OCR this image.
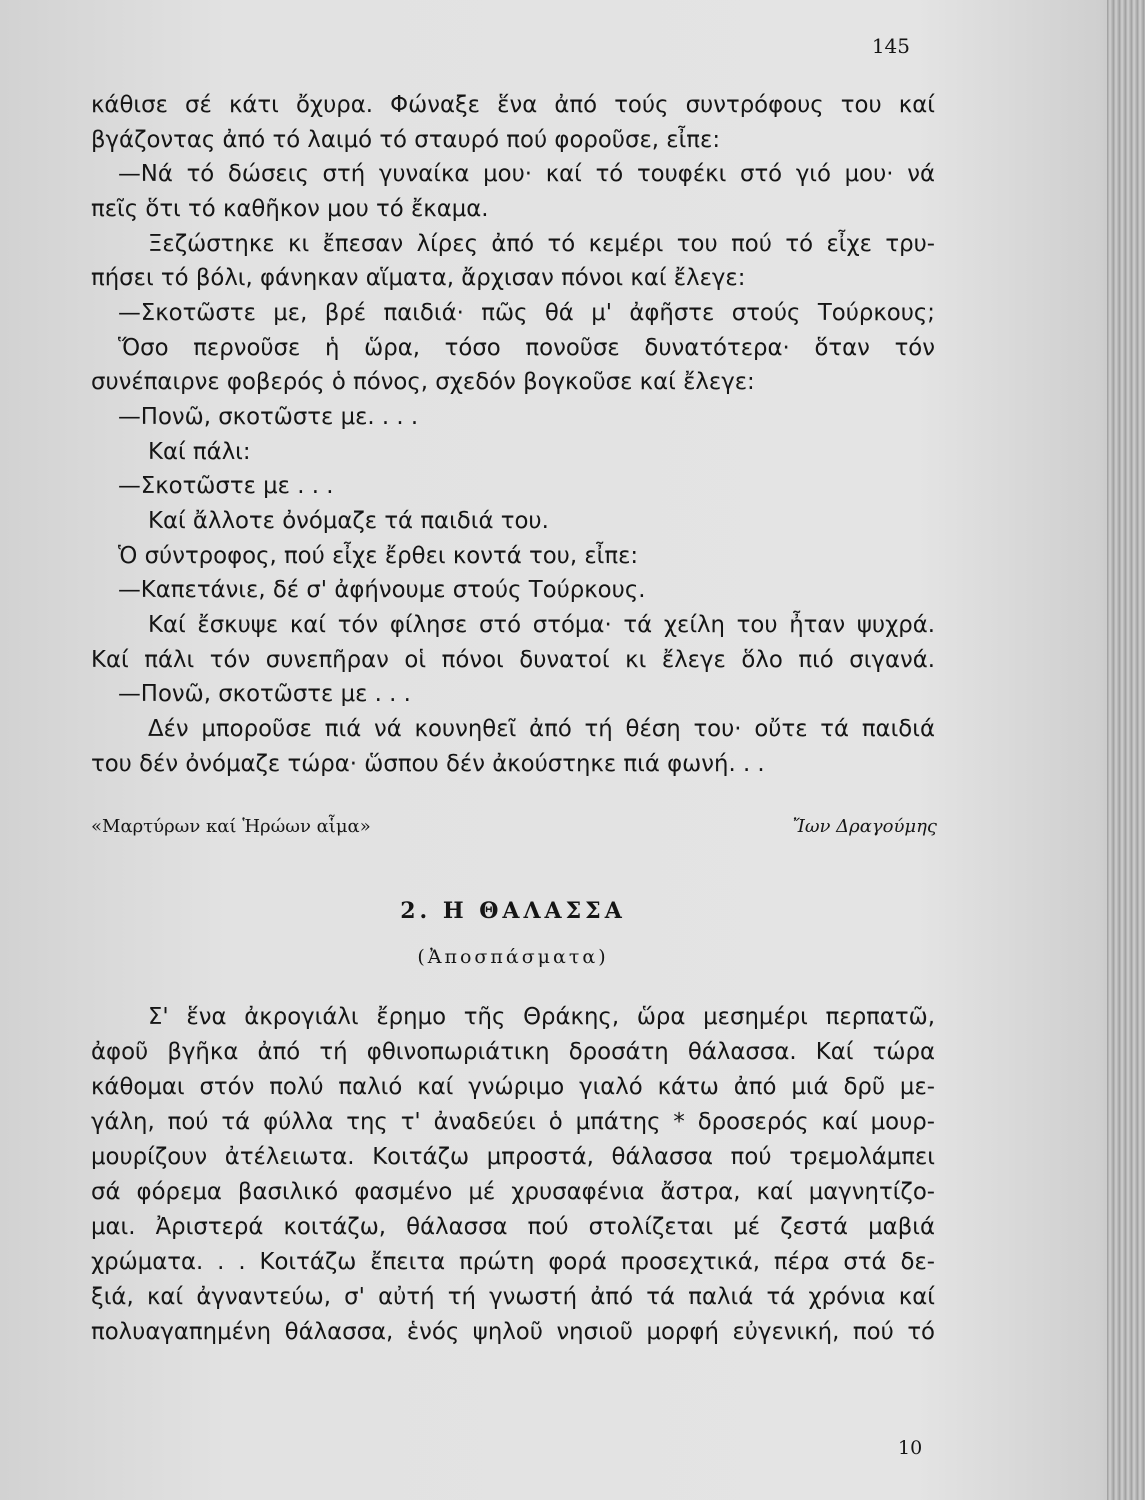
145
κάθισε σέ κάτι ὄχυρα. Φώναξε ἕνα ἀπό τούς συντρόφους του καί
βγάζοντας ἀπό τό λαιμό τό σταυρό πού φοροῦσε, εἶπε:
—Νά τό δώσεις στή γυναίκα μου· καί τό τουφέκι στό γιό μου· νά
πεῖς ὅτι τό καθῆκον μου τό ἔκαμα.
Ξεζώστηκε κι ἔπεσαν λίρες ἀπό τό κεμέρι του πού τό εἶχε τρυ-
πήσει τό βόλι, φάνηκαν αἵματα, ἄρχισαν πόνοι καί ἔλεγε:
—Σκοτῶστε με, βρέ παιδιά· πῶς θά μ' ἀφῆστε στούς Τούρκους;
Ὅσο περνοῦσε ἡ ὥρα, τόσο πονοῦσε δυνατότερα· ὅταν τόν
συνέπαιρνε φοβερός ὁ πόνος, σχεδόν βογκοῦσε καί ἔλεγε:
—Πονῶ, σκοτῶστε με. . . .
Καί πάλι:
—Σκοτῶστε με . . .
Καί ἄλλοτε ὀνόμαζε τά παιδιά του.
Ὁ σύντροφος, πού εἶχε ἔρθει κοντά του, εἶπε:
—Καπετάνιε, δέ σ' ἀφήνουμε στούς Τούρκους.
Καί ἔσκυψε καί τόν φίλησε στό στόμα· τά χείλη του ἦταν ψυχρά.
Καί πάλι τόν συνεπῆραν οἱ πόνοι δυνατοί κι ἔλεγε ὅλο πιό σιγανά.
—Πονῶ, σκοτῶστε με . . .
Δέν μποροῦσε πιά νά κουνηθεῖ ἀπό τή θέση του· οὔτε τά παιδιά
του δέν ὀνόμαζε τώρα· ὥσπου δέν ἀκούστηκε πιά φωνή. . .
«Μαρτύρων καί Ἡρώων αἷμα»	Ἴων Δραγούμης
2. Η ΘΑΛΑΣΣΑ
(Ἀποσπάσματα)
Σ' ἕνα ἀκρογιάλι ἔρημο τῆς Θράκης, ὥρα μεσημέρι περπατῶ,
ἀφοῦ βγῆκα ἀπό τή φθινοπωριάτικη δροσάτη θάλασσα. Καί τώρα
κάθομαι στόν πολύ παλιό καί γνώριμο γιαλό κάτω ἀπό μιά δρῦ με-
γάλη, πού τά φύλλα της τ' ἀναδεύει ὁ μπάτης * δροσερός καί μουρ-
μουρίζουν ἀτέλειωτα. Κοιτάζω μπροστά, θάλασσα πού τρεμολάμπει
σά φόρεμα βασιλικό φασμένο μέ χρυσαφένια ἄστρα, καί μαγνητίζο-
μαι. Ἀριστερά κοιτάζω, θάλασσα πού στολίζεται μέ ζεστά μαβιά
χρώματα. . . Κοιτάζω ἔπειτα πρώτη φορά προσεχτικά, πέρα στά δε-
ξιά, καί ἀγναντεύω, σ' αὐτή τή γνωστή ἀπό τά παλιά τά χρόνια καί
πολυαγαπημένη θάλασσα, ἑνός ψηλοῦ νησιοῦ μορφή εὐγενική, πού τό
10
